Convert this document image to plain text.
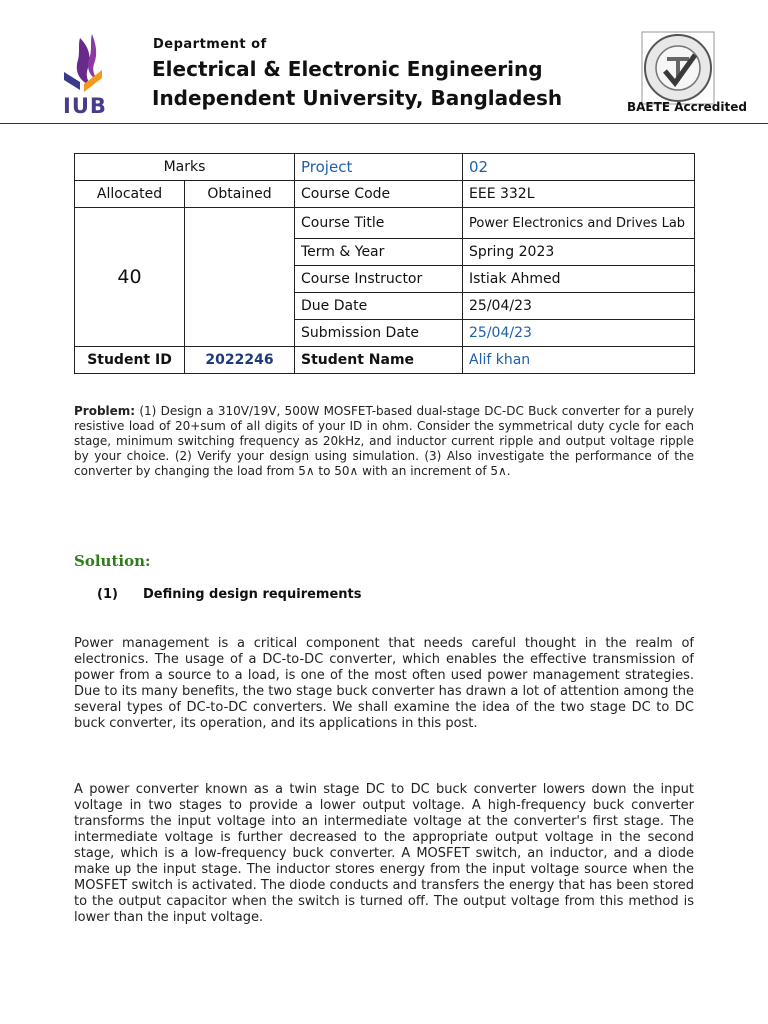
IUB
Department of
Electrical & Electronic Engineering
Independent University, Bangladesh	BAETE Accredited
Marks		Project	02
Allocated	Obtained	Course Code	EEE 332L
40		Course Title	Power Electronics and Drives Lab
		Term & Year	Spring 2023
		Course Instructor	Istiak Ahmed
		Due Date	25/04/23
		Submission Date	25/04/23
Student ID	2022246	Student Name	Alif khan
Problem: (1) Design a 310V/19V, 500W MOSFET-based dual-stage DC-DC Buck converter for a purely resistive load of 20+sum of all digits of your ID in ohm. Consider the symmetrical duty cycle for each stage, minimum switching frequency as 20kHz, and inductor current ripple and output voltage ripple by your choice. (2) Verify your design using simulation. (3) Also investigate the performance of the converter by changing the load from 5∧ to 50∧ with an increment of 5∧.
Solution:
(1) Defining design requirements
Power management is a critical component that needs careful thought in the realm of electronics. The usage of a DC-to-DC converter, which enables the effective transmission of power from a source to a load, is one of the most often used power management strategies. Due to its many benefits, the two stage buck converter has drawn a lot of attention among the several types of DC-to-DC converters. We shall examine the idea of the two stage DC to DC buck converter, its operation, and its applications in this post.
A power converter known as a twin stage DC to DC buck converter lowers down the input voltage in two stages to provide a lower output voltage. A high-frequency buck converter transforms the input voltage into an intermediate voltage at the converter's first stage. The intermediate voltage is further decreased to the appropriate output voltage in the second stage, which is a low-frequency buck converter. A MOSFET switch, an inductor, and a diode make up the input stage. The inductor stores energy from the input voltage source when the MOSFET switch is activated. The diode conducts and transfers the energy that has been stored to the output capacitor when the switch is turned off. The output voltage from this method is lower than the input voltage.
